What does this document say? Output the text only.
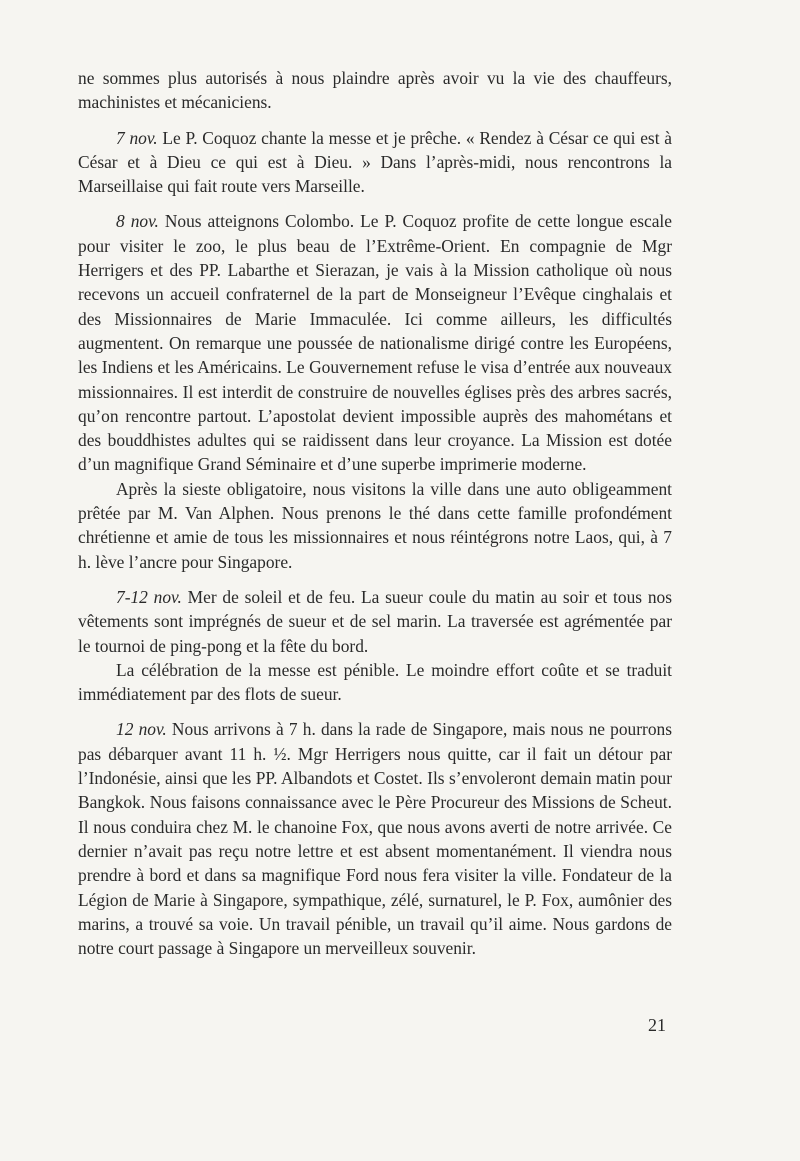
ne sommes plus autorisés à nous plaindre après avoir vu la vie des chauffeurs, machinistes et mécaniciens.

7 nov. Le P. Coquoz chante la messe et je prêche. « Rendez à César ce qui est à César et à Dieu ce qui est à Dieu. » Dans l’après-midi, nous rencontrons la Marseillaise qui fait route vers Marseille.

8 nov. Nous atteignons Colombo. Le P. Coquoz profite de cette longue escale pour visiter le zoo, le plus beau de l’Extrême-Orient. En compagnie de Mgr Herrigers et des PP. Labarthe et Sierazan, je vais à la Mission catholique où nous recevons un accueil confraternel de la part de Monseigneur l’Evêque cinghalais et des Missionnaires de Marie Immaculée. Ici comme ailleurs, les difficultés augmentent. On remarque une poussée de nationalisme dirigé contre les Européens, les Indiens et les Américains. Le Gouvernement refuse le visa d’entrée aux nouveaux missionnaires. Il est interdit de construire de nouvelles églises près des arbres sacrés, qu’on rencontre partout. L’apostolat devient impossible auprès des mahométans et des bouddhistes adultes qui se raidissent dans leur croyance. La Mission est dotée d’un magnifique Grand Séminaire et d’une superbe imprimerie moderne.

Après la sieste obligatoire, nous visitons la ville dans une auto obligeamment prêtée par M. Van Alphen. Nous prenons le thé dans cette famille profondément chrétienne et amie de tous les missionnaires et nous réintégrons notre Laos, qui, à 7 h. lève l’ancre pour Singapore.

7-12 nov. Mer de soleil et de feu. La sueur coule du matin au soir et tous nos vêtements sont imprégnés de sueur et de sel marin. La traversée est agrémentée par le tournoi de ping-pong et la fête du bord.

La célébration de la messe est pénible. Le moindre effort coûte et se traduit immédiatement par des flots de sueur.

12 nov. Nous arrivons à 7 h. dans la rade de Singapore, mais nous ne pourrons pas débarquer avant 11 h. ½. Mgr Herrigers nous quitte, car il fait un détour par l’Indonésie, ainsi que les PP. Albandots et Costet. Ils s’envoleront demain matin pour Bangkok. Nous faisons connaissance avec le Père Procureur des Missions de Scheut. Il nous conduira chez M. le chanoine Fox, que nous avons averti de notre arrivée. Ce dernier n’avait pas reçu notre lettre et est absent momentanément. Il viendra nous prendre à bord et dans sa magnifique Ford nous fera visiter la ville. Fondateur de la Légion de Marie à Singapore, sympathique, zélé, surnaturel, le P. Fox, aumônier des marins, a trouvé sa voie. Un travail pénible, un travail qu’il aime. Nous gardons de notre court passage à Singapore un merveilleux souvenir.

21
